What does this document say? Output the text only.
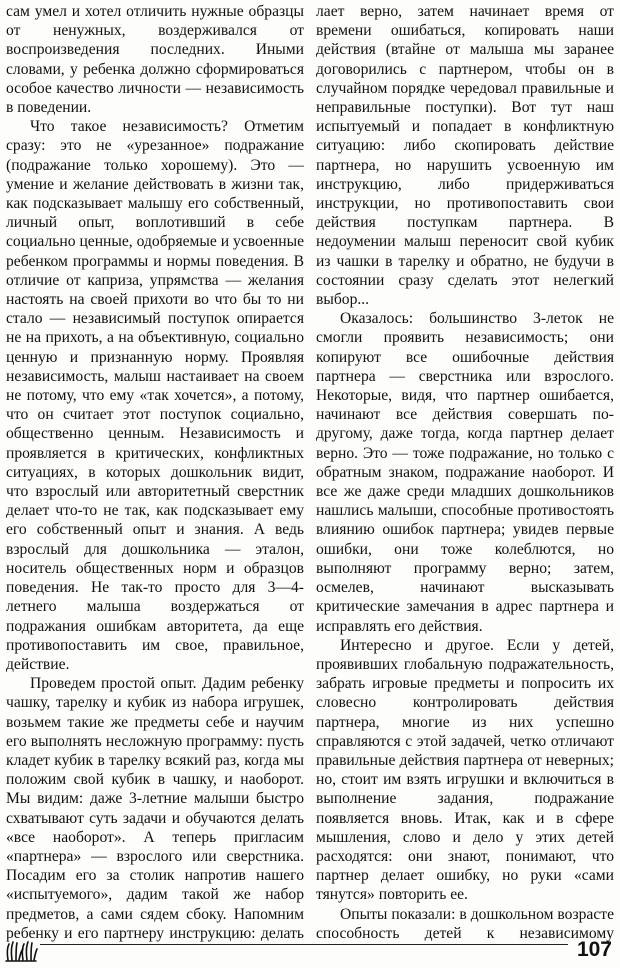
сам умел и хотел отличить нужные образцы от ненужных, воздерживался от воспроизведения последних. Иными словами, у ребенка должно сформироваться особое качество личности — независимость в поведении.

Что такое независимость? Отметим сразу: это не «урезанное» подражание (подражание только хорошему). Это — умение и желание действовать в жизни так, как подсказывает малышу его собственный, личный опыт, воплотивший в себе социально ценные, одобряемые и усвоенные ребенком программы и нормы поведения. В отличие от каприза, упрямства — желания настоять на своей прихоти во что бы то ни стало — независимый поступок опирается не на прихоть, а на объективную, социально ценную и признанную норму. Проявляя независимость, малыш настаивает на своем не потому, что ему «так хочется», а потому, что он считает этот поступок социально, общественно ценным. Независимость и проявляется в критических, конфликтных ситуациях, в которых дошкольник видит, что взрослый или авторитетный сверстник делает что-то не так, как подсказывает ему его собственный опыт и знания. А ведь взрослый для дошкольника — эталон, носитель общественных норм и образцов поведения. Не так-то просто для 3—4-летнего малыша воздержаться от подражания ошибкам авторитета, да еще противопоставить им свое, правильное, действие.

Проведем простой опыт. Дадим ребенку чашку, тарелку и кубик из набора игрушек, возьмем такие же предметы себе и научим его выполнять несложную программу: пусть кладет кубик в тарелку всякий раз, когда мы положим свой кубик в чашку, и наоборот. Мы видим: даже 3-летние малыши быстро схватывают суть задачи и обучаются делать «все наоборот». А теперь пригласим «партнера» — взрослого или сверстника. Посадим его за столик напротив нашего «испытуемого», дадим такой же набор предметов, а сами сядем сбоку. Напомним ребенку и его партнеру инструкцию: делать

лает верно, затем начинает время от времени ошибаться, копировать наши действия (втайне от малыша мы заранее договорились с партнером, чтобы он в случайном порядке чередовал правильные и неправильные поступки). Вот тут наш испытуемый и попадает в конфликтную ситуацию: либо скопировать действие партнера, но нарушить усвоенную им инструкцию, либо придерживаться инструкции, но противопоставить свои действия поступкам партнера. В недоумении малыш переносит свой кубик из чашки в тарелку и обратно, не будучи в состоянии сразу сделать этот нелегкий выбор...

Оказалось: большинство 3-леток не смогли проявить независимость; они копируют все ошибочные действия партнера — сверстника или взрослого. Некоторые, видя, что партнер ошибается, начинают все действия совершать по-другому, даже тогда, когда партнер делает верно. Это — тоже подражание, но только с обратным знаком, подражание наоборот. И все же даже среди младших дошкольников нашлись малыши, способные противостоять влиянию ошибок партнера; увидев первые ошибки, они тоже колеблются, но выполняют программу верно; затем, осмелев, начинают высказывать критические замечания в адрес партнера и исправлять его действия.

Интересно и другое. Если у детей, проявивших глобальную подражательность, забрать игровые предметы и попросить их словесно контролировать действия партнера, многие из них успешно справляются с этой задачей, четко отличают правильные действия партнера от неверных; но, стоит им взять игрушки и включиться в выполнение задания, подражание появляется вновь. Итак, как и в сфере мышления, слово и дело у этих детей расходятся: они знают, понимают, что партнер делает ошибку, но руки «сами тянутся» повторить ее.

Опыты показали: в дошкольном возрасте способность детей к независимому

107
